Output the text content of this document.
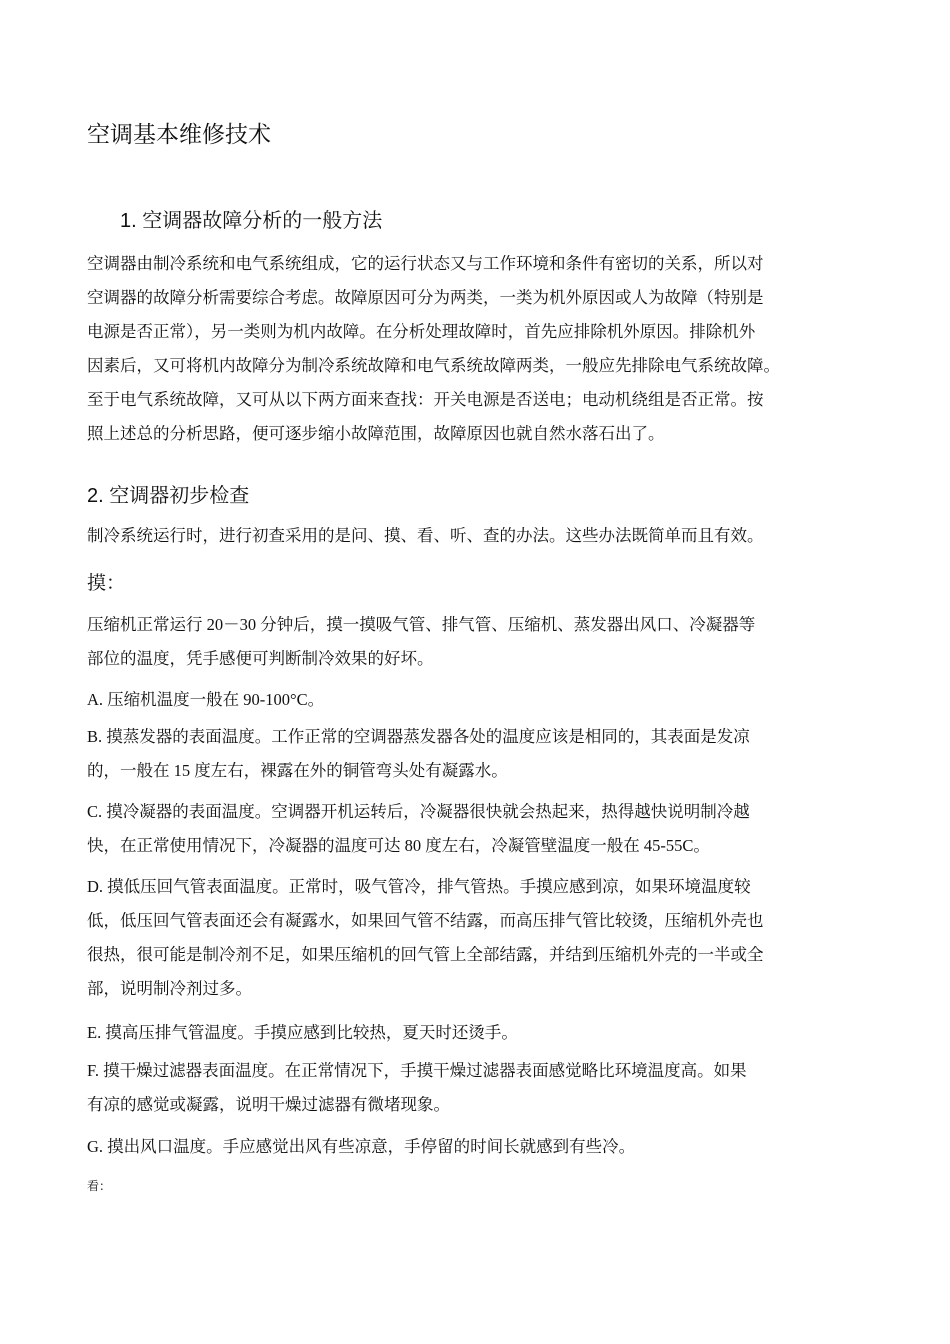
空调基本维修技术
1. 空调器故障分析的一般方法
空调器由制冷系统和电气系统组成，它的运行状态又与工作环境和条件有密切的关系，所以对
空调器的故障分析需要综合考虑。故障原因可分为两类，一类为机外原因或人为故障（特别是
电源是否正常），另一类则为机内故障。在分析处理故障时，首先应排除机外原因。排除机外
因素后，又可将机内故障分为制冷系统故障和电气系统故障两类，一般应先排除电气系统故障。
至于电气系统故障，又可从以下两方面来查找：开关电源是否送电；电动机绕组是否正常。按
照上述总的分析思路，便可逐步缩小故障范围，故障原因也就自然水落石出了。
2. 空调器初步检查
制冷系统运行时，进行初查采用的是问、摸、看、听、查的办法。这些办法既简单而且有效。
摸：
压缩机正常运行 20－30 分钟后，摸一摸吸气管、排气管、压缩机、蒸发器出风口、冷凝器等
部位的温度，凭手感便可判断制冷效果的好坏。
A. 压缩机温度一般在 90-100°C。
B. 摸蒸发器的表面温度。工作正常的空调器蒸发器各处的温度应该是相同的，其表面是发凉
的，一般在 15 度左右，裸露在外的铜管弯头处有凝露水。
C. 摸冷凝器的表面温度。空调器开机运转后，冷凝器很快就会热起来，热得越快说明制冷越
快，在正常使用情况下，冷凝器的温度可达 80 度左右，冷凝管壁温度一般在 45-55C。
D. 摸低压回气管表面温度。正常时，吸气管冷，排气管热。手摸应感到凉，如果环境温度较
低，低压回气管表面还会有凝露水，如果回气管不结露，而高压排气管比较烫，压缩机外壳也
很热，很可能是制冷剂不足，如果压缩机的回气管上全部结露，并结到压缩机外壳的一半或全
部，说明制冷剂过多。
E. 摸高压排气管温度。手摸应感到比较热，夏天时还烫手。
F. 摸干燥过滤器表面温度。在正常情况下，手摸干燥过滤器表面感觉略比环境温度高。如果
有凉的感觉或凝露，说明干燥过滤器有微堵现象。
G. 摸出风口温度。手应感觉出风有些凉意，手停留的时间长就感到有些冷。
看：
